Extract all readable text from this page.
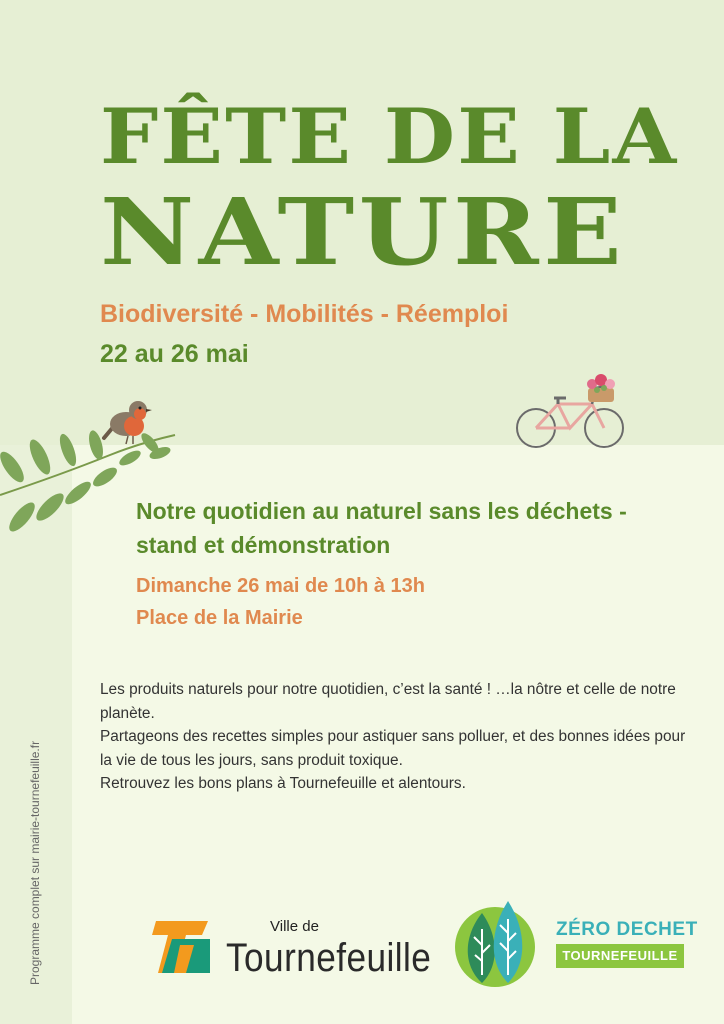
FÊTE DE LA
NATURE
Biodiversité - Mobilités - Réemploi
22 au 26 mai
Notre quotidien au naturel sans les déchets - stand et démonstration
Dimanche 26 mai de 10h à 13h
Place de la Mairie

Les produits naturels pour notre quotidien, c’est la santé ! …la nôtre et celle de notre planète.

Partageons des recettes simples pour astiquer sans polluer, et des bonnes idées pour la vie de tous les jours, sans produit toxique.

Retrouvez les bons plans à Tournefeuille et alentours.

Programme complet sur mairie-tournefeuille.fr	Ville de
Tournefeuille
ZÉRO DECHET
TOURNEFEUILLE
